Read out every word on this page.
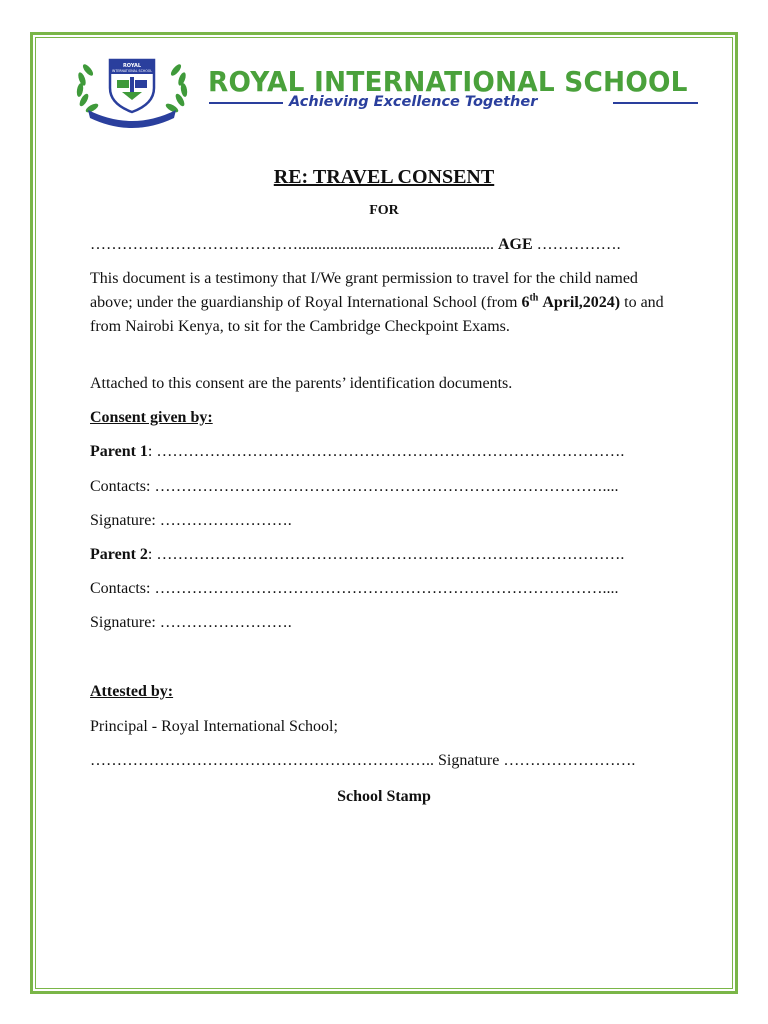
ROYAL
INTERNATIONAL SCHOOL ROYAL INTERNATIONAL SCHOOL
Achieving Excellence Together
RE: TRAVEL CONSENT
FOR
…………………………………................................................. AGE …………….
This document is a testimony that I/We grant permission to travel for the child named above; under the guardianship of Royal International School (from 6th April,2024) to and from Nairobi Kenya, to sit for the Cambridge Checkpoint Exams.
Attached to this consent are the parents’ identification documents.
Consent given by:
Parent 1: …………………………………………………………………………….
Contacts: …………………………………………………………………………....
Signature: …………………….
Parent 2: …………………………………………………………………………….
Contacts: …………………………………………………………………………....
Signature: …………………….
Attested by:
Principal - Royal International School;
……………………………………………………….. Signature …………………….
School Stamp
